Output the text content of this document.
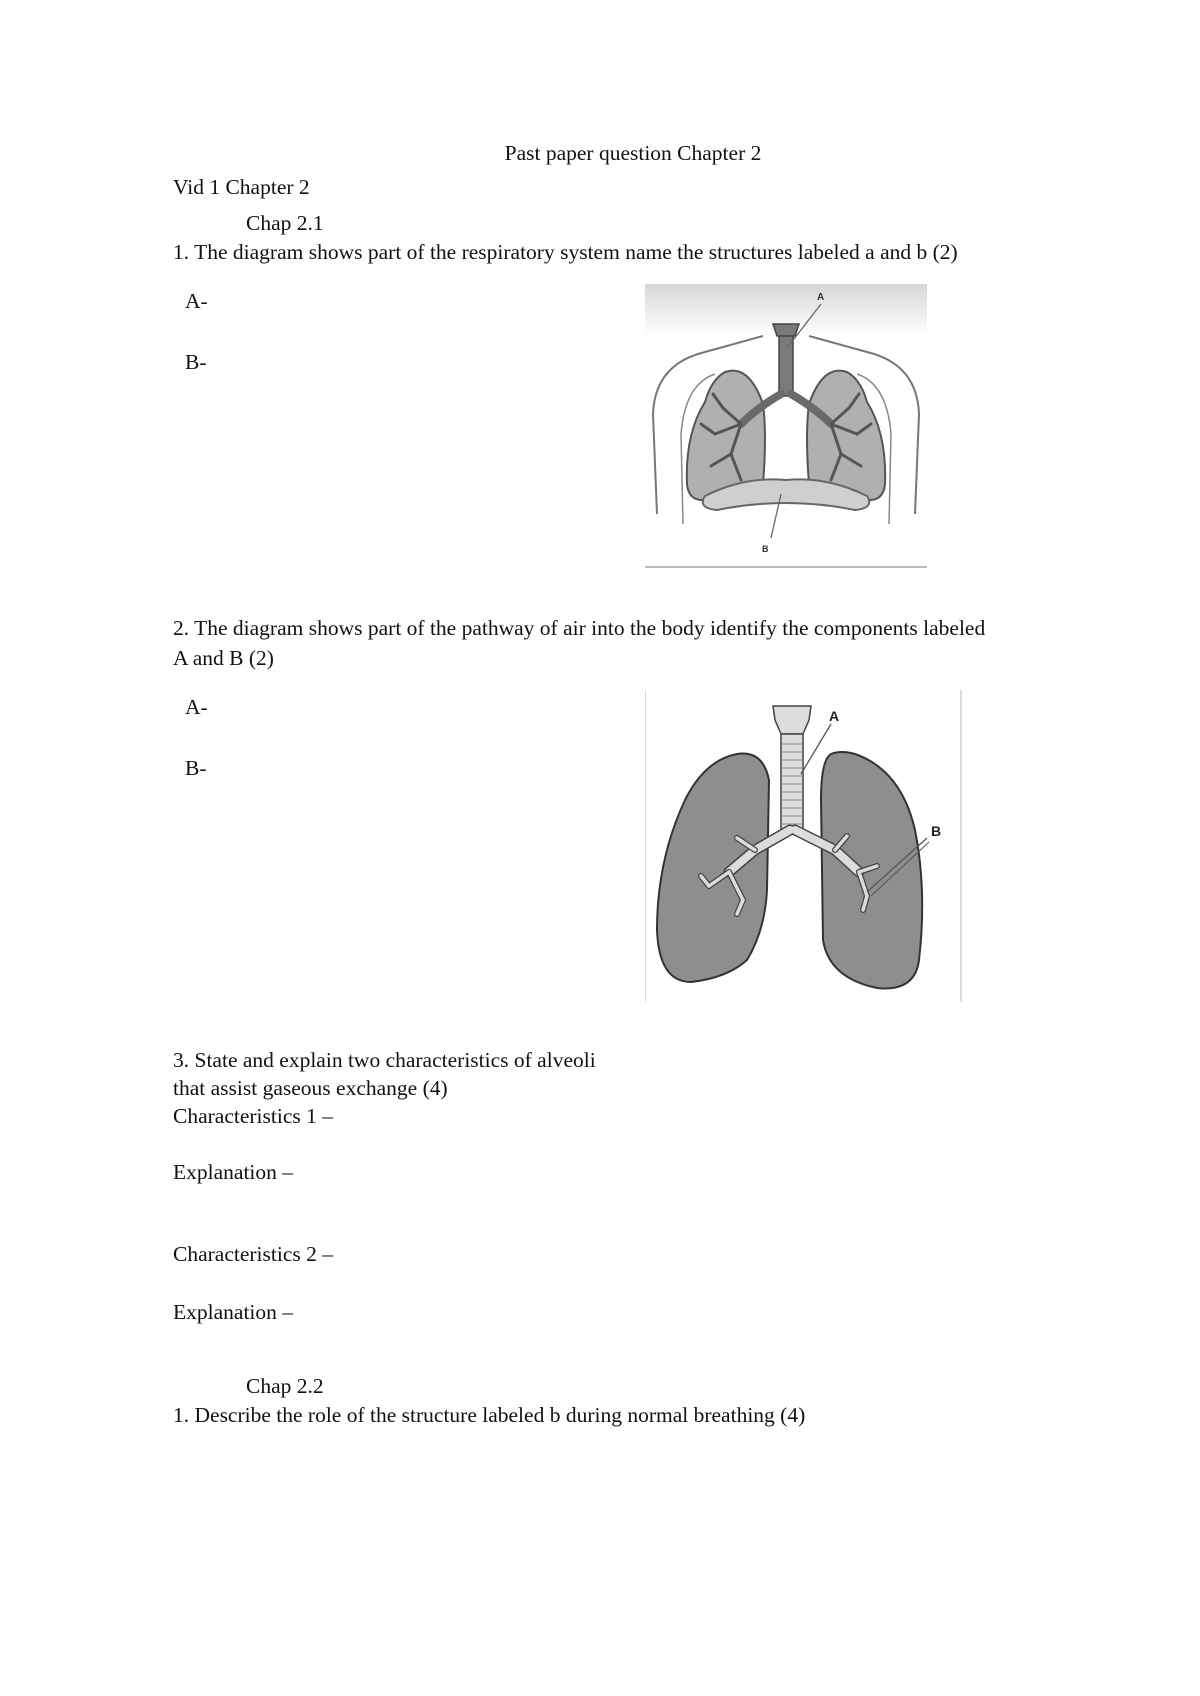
Past paper question Chapter 2

Vid 1 Chapter 2

Chap 2.1

1. The diagram shows part of the respiratory system name the structures labeled a and b (2)

A-

B-

A
B

2. The diagram shows part of the pathway of air into the body identify the components labeled

A and B (2)

A-

B-

A
B

3. State and explain two characteristics of alveoli

that assist gaseous exchange (4)

Characteristics 1 –

Explanation –

Characteristics 2 –

Explanation –

Chap 2.2

1. Describe the role of the structure labeled b during normal breathing (4)
